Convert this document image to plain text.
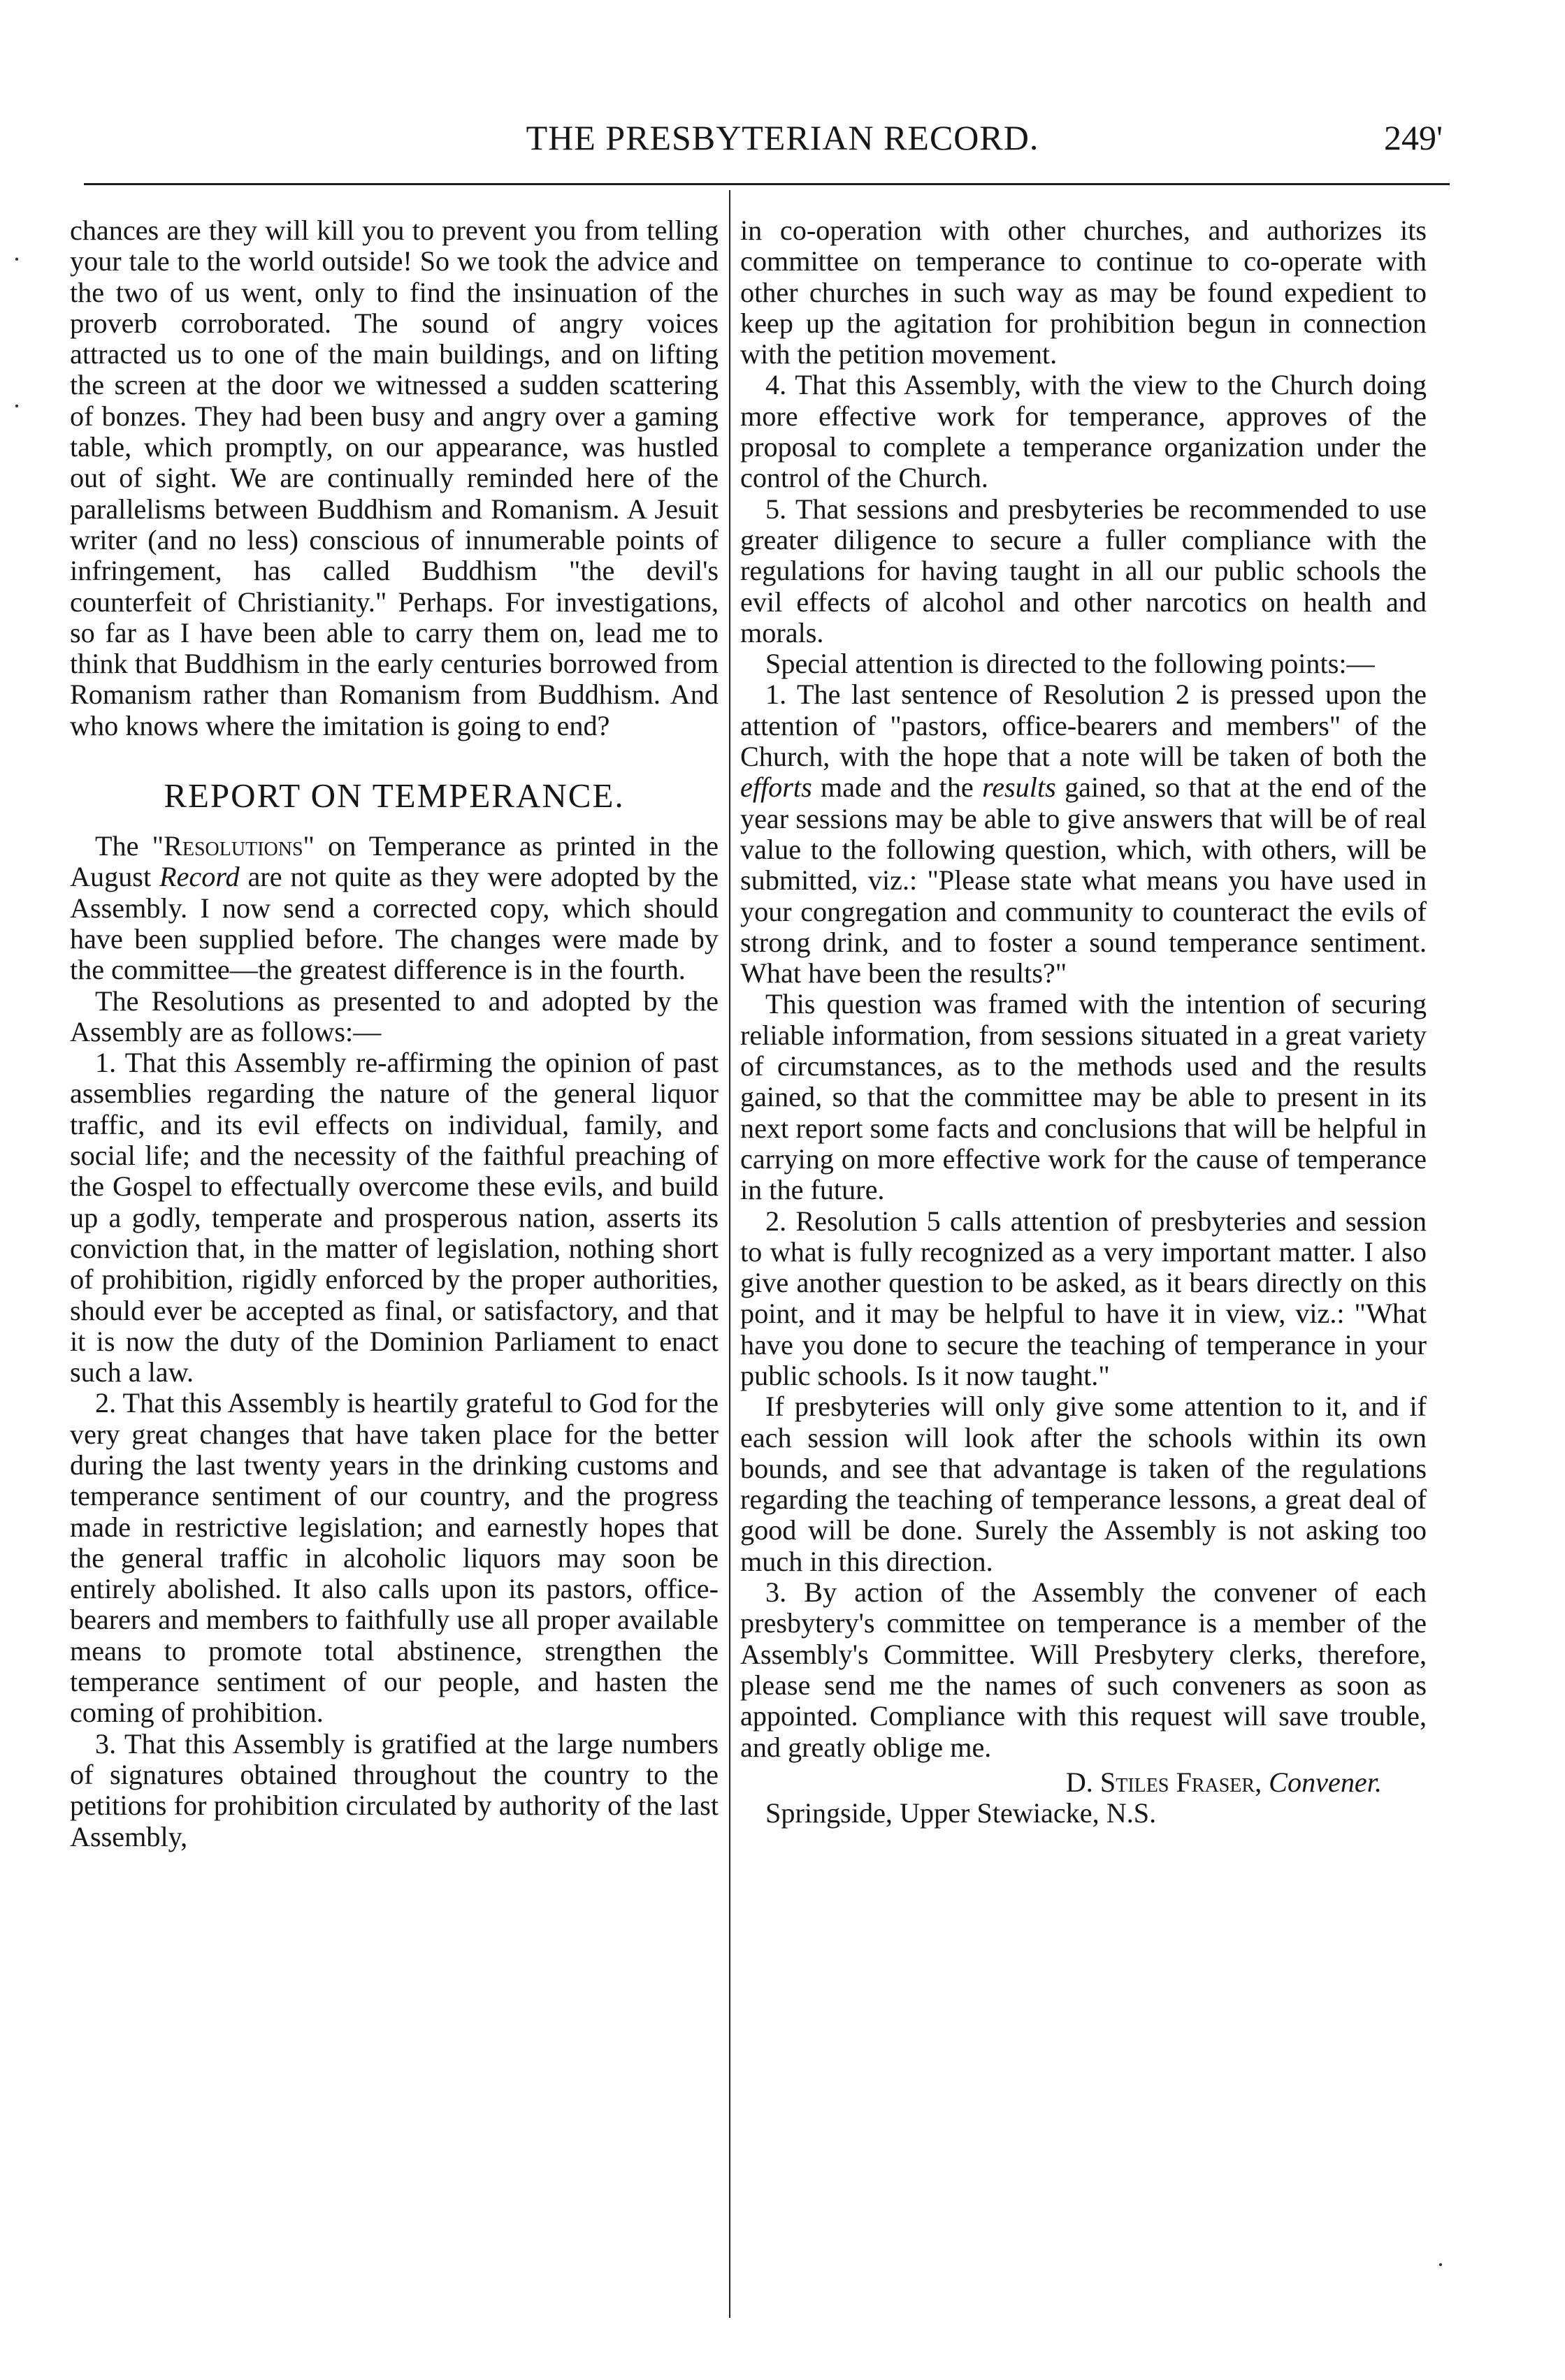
THE PRESBYTERIAN RECORD.	249'
·
·

chances are they will kill you to prevent you from telling your tale to the world outside! So we took the advice and the two of us went, only to find the insinuation of the proverb corroborated. The sound of angry voices attracted us to one of the main buildings, and on lifting the screen at the door we witnessed a sudden scattering of bonzes. They had been busy and angry over a gaming table, which promptly, on our appearance, was hustled out of sight. We are continually reminded here of the parallelisms between Buddhism and Romanism. A Jesuit writer (and no less) conscious of innumerable points of infringement, has called Buddhism "the devil's counterfeit of Christianity." Perhaps. For investigations, so far as I have been able to carry them on, lead me to think that Buddhism in the early centuries borrowed from Romanism rather than Romanism from Buddhism. And who knows where the imitation is going to end?

REPORT ON TEMPERANCE.

The "Resolutions" on Temperance as printed in the August Record are not quite as they were adopted by the Assembly. I now send a corrected copy, which should have been supplied before. The changes were made by the committee—the greatest difference is in the fourth.

The Resolutions as presented to and adopted by the Assembly are as follows:—

1. That this Assembly re-affirming the opinion of past assemblies regarding the nature of the general liquor traffic, and its evil effects on individual, family, and social life; and the necessity of the faithful preaching of the Gospel to effectually overcome these evils, and build up a godly, temperate and prosperous nation, asserts its conviction that, in the matter of legislation, nothing short of prohibition, rigidly enforced by the proper authorities, should ever be accepted as final, or satisfactory, and that it is now the duty of the Dominion Parliament to enact such a law.

2. That this Assembly is heartily grateful to God for the very great changes that have taken place for the better during the last twenty years in the drinking customs and temperance sentiment of our country, and the progress made in restrictive legislation; and earnestly hopes that the general traffic in alcoholic liquors may soon be entirely abolished. It also calls upon its pastors, office-bearers and members to faithfully use all proper available means to promote total abstinence, strengthen the temperance sentiment of our people, and hasten the coming of prohibition.

3. That this Assembly is gratified at the large numbers of signatures obtained throughout the country to the petitions for prohibition circulated by authority of the last Assembly,

in co-operation with other churches, and authorizes its committee on temperance to continue to co-operate with other churches in such way as may be found expedient to keep up the agitation for prohibition begun in connection with the petition movement.

4. That this Assembly, with the view to the Church doing more effective work for temperance, approves of the proposal to complete a temperance organization under the control of the Church.

5. That sessions and presbyteries be recommended to use greater diligence to secure a fuller compliance with the regulations for having taught in all our public schools the evil effects of alcohol and other narcotics on health and morals.

Special attention is directed to the following points:—

1. The last sentence of Resolution 2 is pressed upon the attention of "pastors, office-bearers and members" of the Church, with the hope that a note will be taken of both the efforts made and the results gained, so that at the end of the year sessions may be able to give answers that will be of real value to the following question, which, with others, will be submitted, viz.: "Please state what means you have used in your congregation and community to counteract the evils of strong drink, and to foster a sound temperance sentiment. What have been the results?"

This question was framed with the intention of securing reliable information, from sessions situated in a great variety of circumstances, as to the methods used and the results gained, so that the committee may be able to present in its next report some facts and conclusions that will be helpful in carrying on more effective work for the cause of temperance in the future.

2. Resolution 5 calls attention of presbyteries and session to what is fully recognized as a very important matter. I also give another question to be asked, as it bears directly on this point, and it may be helpful to have it in view, viz.: "What have you done to secure the teaching of temperance in your public schools. Is it now taught."

If presbyteries will only give some attention to it, and if each session will look after the schools within its own bounds, and see that advantage is taken of the regulations regarding the teaching of temperance lessons, a great deal of good will be done. Surely the Assembly is not asking too much in this direction.

3. By action of the Assembly the convener of each presbytery's committee on temperance is a member of the Assembly's Committee. Will Presbytery clerks, therefore, please send me the names of such conveners as soon as appointed. Compliance with this request will save trouble, and greatly oblige me.

D. Stiles Fraser, Convener.

Springside, Upper Stewiacke, N.S.

·
